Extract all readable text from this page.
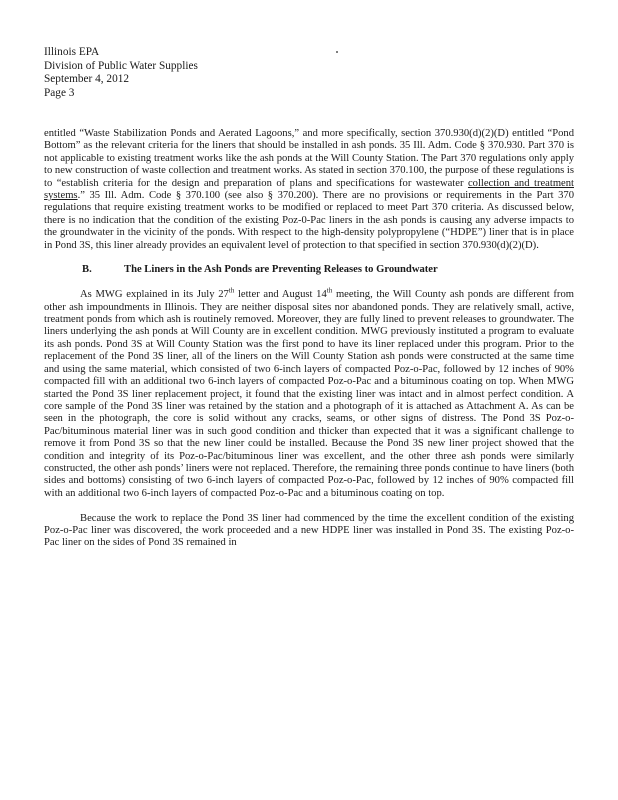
Illinois EPA
Division of Public Water Supplies
September 4, 2012
Page 3

entitled “Waste Stabilization Ponds and Aerated Lagoons,” and more specifically, section 370.930(d)(2)(D) entitled “Pond Bottom” as the relevant criteria for the liners that should be installed in ash ponds. 35 Ill. Adm. Code § 370.930. Part 370 is not applicable to existing treatment works like the ash ponds at the Will County Station. The Part 370 regulations only apply to new construction of waste collection and treatment works. As stated in section 370.100, the purpose of these regulations is to “establish criteria for the design and preparation of plans and specifications for wastewater collection and treatment systems.” 35 Ill. Adm. Code § 370.100 (see also § 370.200). There are no provisions or requirements in the Part 370 regulations that require existing treatment works to be modified or replaced to meet Part 370 criteria. As discussed below, there is no indication that the condition of the existing Poz-0-Pac liners in the ash ponds is causing any adverse impacts to the groundwater in the vicinity of the ponds. With respect to the high-density polypropylene (“HDPE”) liner that is in place in Pond 3S, this liner already provides an equivalent level of protection to that specified in section 370.930(d)(2)(D).

B.	The Liners in the Ash Ponds are Preventing Releases to Groundwater

As MWG explained in its July 27th letter and August 14th meeting, the Will County ash ponds are different from other ash impoundments in Illinois. They are neither disposal sites nor abandoned ponds. They are relatively small, active, treatment ponds from which ash is routinely removed. Moreover, they are fully lined to prevent releases to groundwater. The liners underlying the ash ponds at Will County are in excellent condition. MWG previously instituted a program to evaluate its ash ponds. Pond 3S at Will County Station was the first pond to have its liner replaced under this program. Prior to the replacement of the Pond 3S liner, all of the liners on the Will County Station ash ponds were constructed at the same time and using the same material, which consisted of two 6-inch layers of compacted Poz-o-Pac, followed by 12 inches of 90% compacted fill with an additional two 6-inch layers of compacted Poz-o-Pac and a bituminous coating on top. When MWG started the Pond 3S liner replacement project, it found that the existing liner was intact and in almost perfect condition. A core sample of the Pond 3S liner was retained by the station and a photograph of it is attached as Attachment A. As can be seen in the photograph, the core is solid without any cracks, seams, or other signs of distress. The Pond 3S Poz-o-Pac/bituminous material liner was in such good condition and thicker than expected that it was a significant challenge to remove it from Pond 3S so that the new liner could be installed. Because the Pond 3S new liner project showed that the condition and integrity of its Poz-o-Pac/bituminous liner was excellent, and the other three ash ponds were similarly constructed, the other ash ponds’ liners were not replaced. Therefore, the remaining three ponds continue to have liners (both sides and bottoms) consisting of two 6-inch layers of compacted Poz-o-Pac, followed by 12 inches of 90% compacted fill with an additional two 6-inch layers of compacted Poz-o-Pac and a bituminous coating on top.

Because the work to replace the Pond 3S liner had commenced by the time the excellent condition of the existing Poz-o-Pac liner was discovered, the work proceeded and a new HDPE liner was installed in Pond 3S. The existing Poz-o-Pac liner on the sides of Pond 3S remained in
